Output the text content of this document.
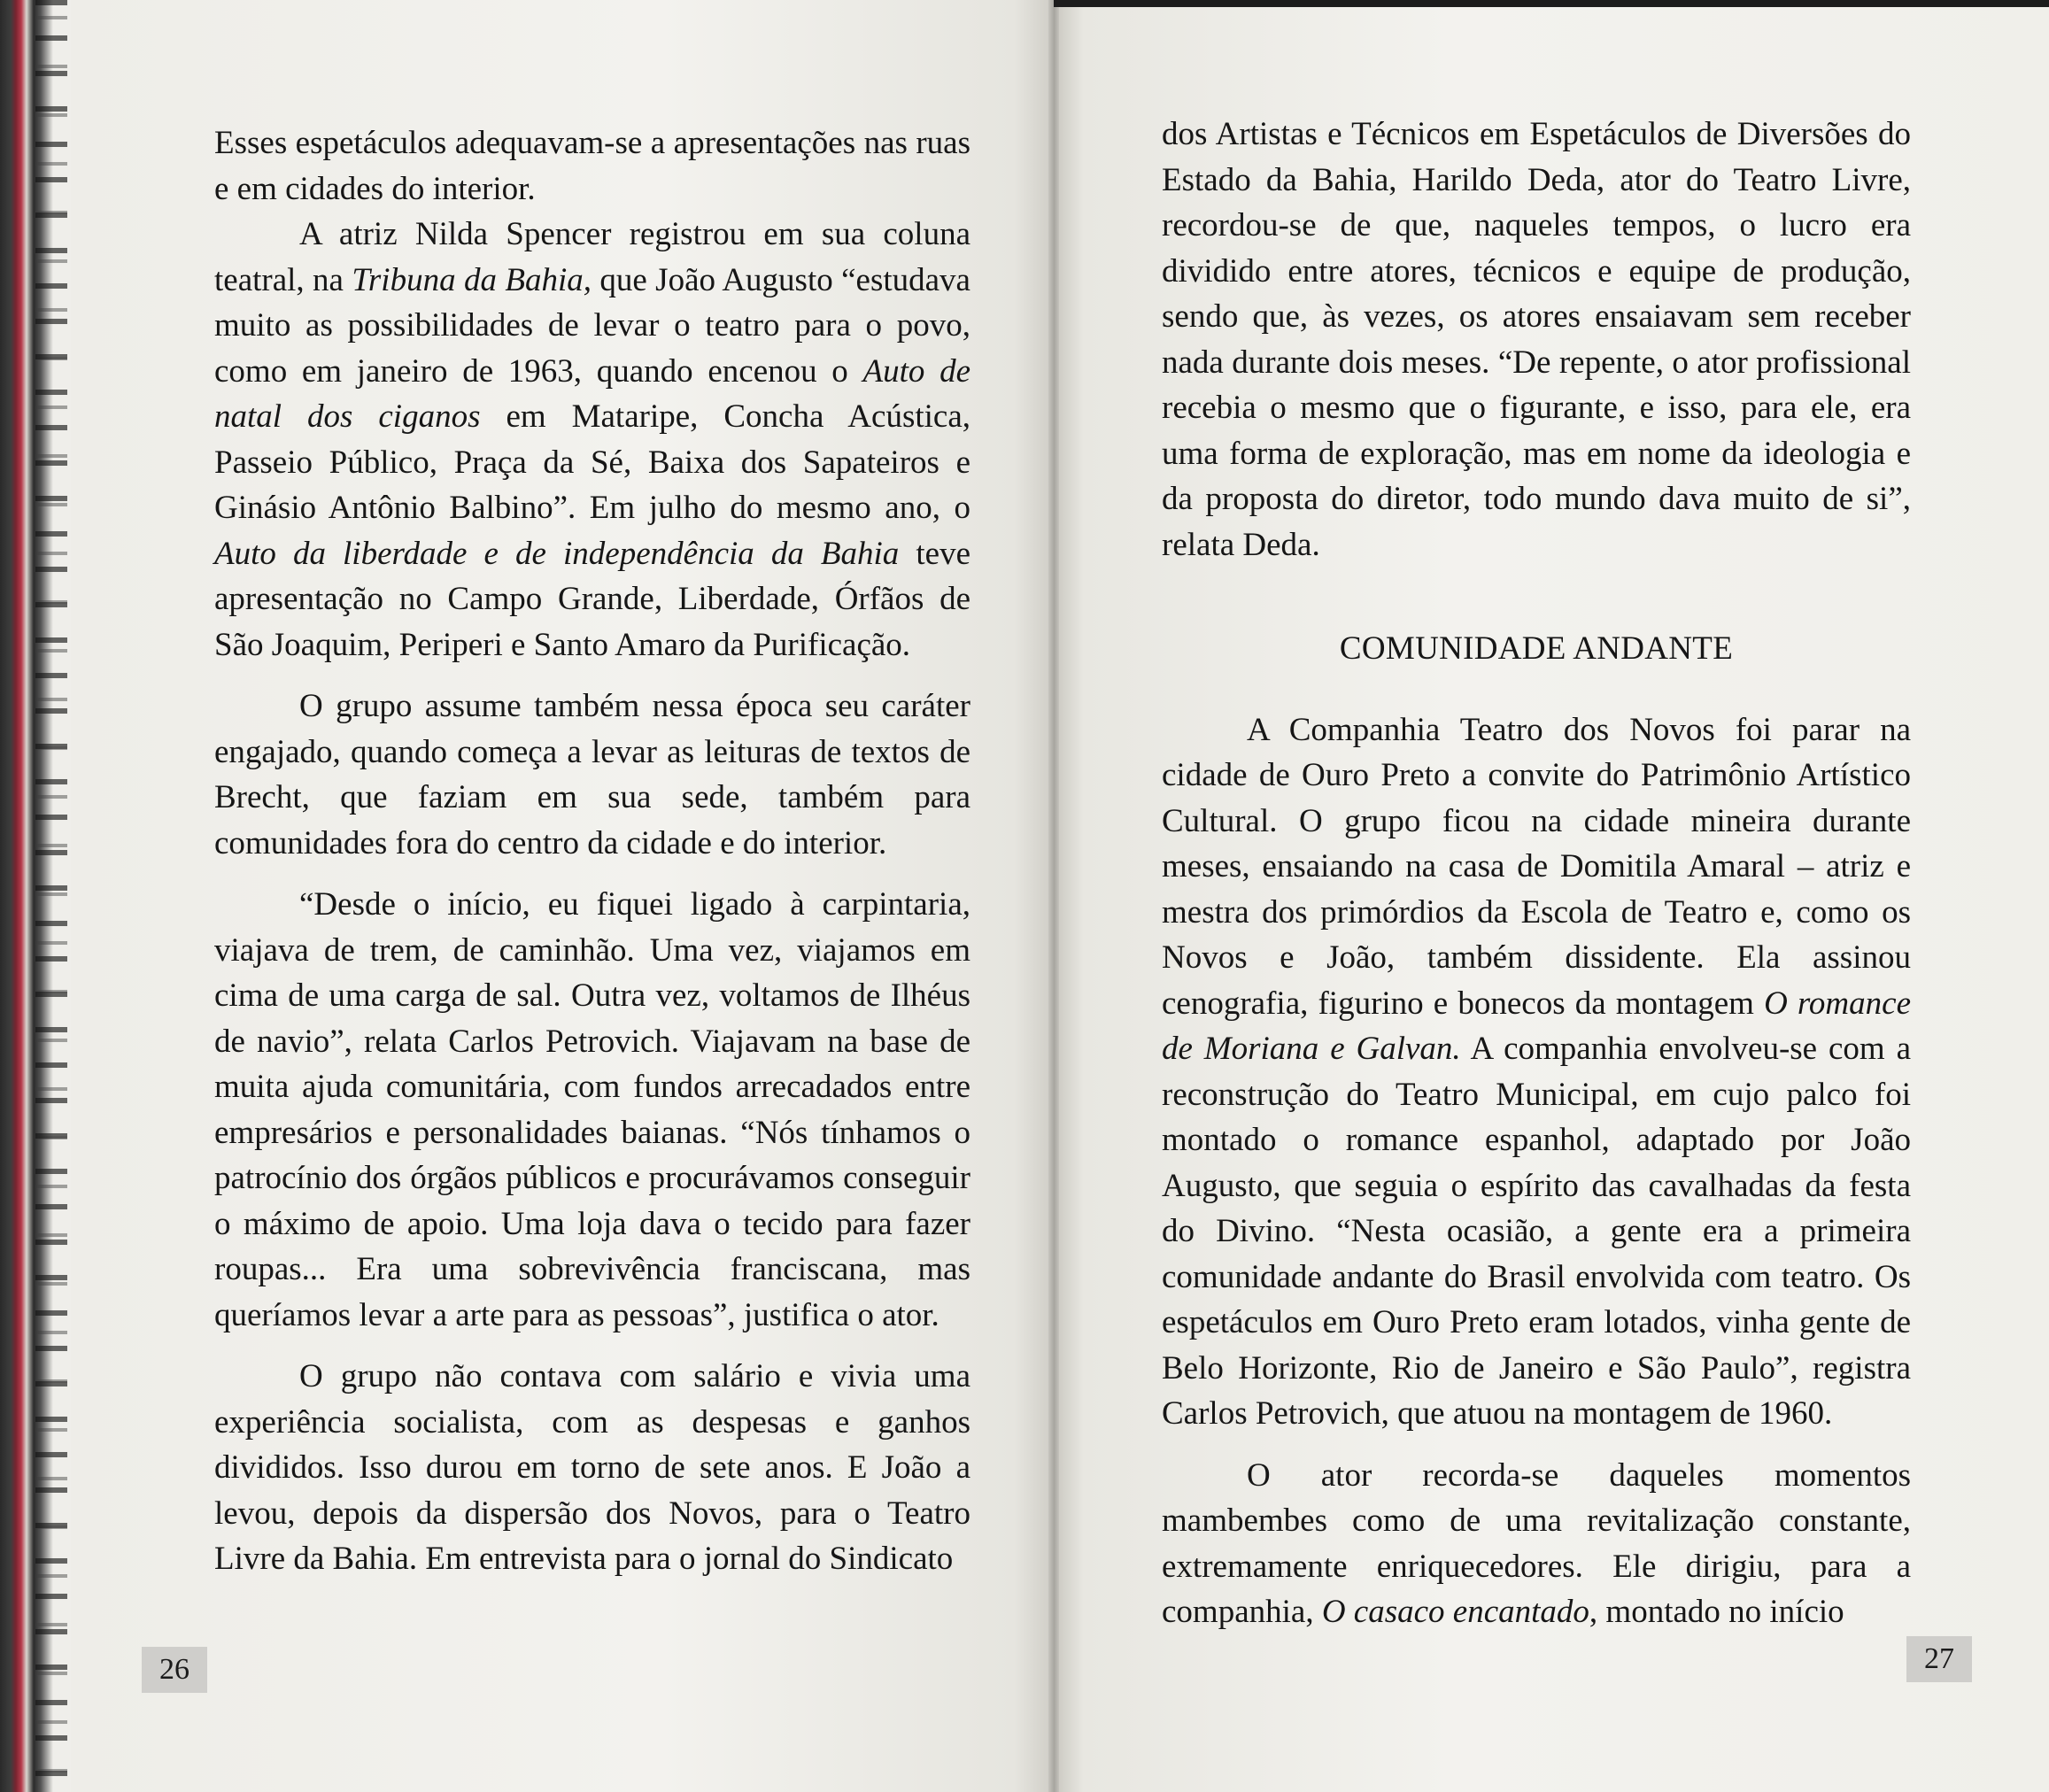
Esses espetáculos adequavam-se a apresentações nas ruas e em cidades do interior.

A atriz Nilda Spencer registrou em sua coluna teatral, na Tribuna da Bahia, que João Augusto “estudava muito as possibilidades de levar o teatro para o povo, como em janeiro de 1963, quando encenou o Auto de natal dos ciganos em Mataripe, Concha Acústica, Passeio Público, Praça da Sé, Baixa dos Sapateiros e Ginásio Antônio Balbino”. Em julho do mesmo ano, o Auto da liberdade e de independência da Bahia teve apresentação no Campo Grande, Liberdade, Órfãos de São Joaquim, Periperi e Santo Amaro da Purificação.

O grupo assume também nessa época seu caráter engajado, quando começa a levar as leituras de textos de Brecht, que faziam em sua sede, também para comunidades fora do centro da cidade e do interior.

“Desde o início, eu fiquei ligado à carpintaria, viajava de trem, de caminhão. Uma vez, viajamos em cima de uma carga de sal. Outra vez, voltamos de Ilhéus de navio”, relata Carlos Petrovich. Viajavam na base de muita ajuda comunitária, com fundos arrecadados entre empresários e personalidades baianas. “Nós tínhamos o patrocínio dos órgãos públicos e procurávamos conseguir o máximo de apoio. Uma loja dava o tecido para fazer roupas... Era uma sobrevivência franciscana, mas queríamos levar a arte para as pessoas”, justifica o ator.

O grupo não contava com salário e vivia uma experiência socialista, com as despesas e ganhos divididos. Isso durou em torno de sete anos. E João a levou, depois da dispersão dos Novos, para o Teatro Livre da Bahia. Em entrevista para o jornal do Sindicato

26

dos Artistas e Técnicos em Espetáculos de Diversões do Estado da Bahia, Harildo Deda, ator do Teatro Livre, recordou-se de que, naqueles tempos, o lucro era dividido entre atores, técnicos e equipe de produção, sendo que, às vezes, os atores ensaiavam sem receber nada durante dois meses. “De repente, o ator profissional recebia o mesmo que o figurante, e isso, para ele, era uma forma de exploração, mas em nome da ideologia e da proposta do diretor, todo mundo dava muito de si”, relata Deda.

COMUNIDADE ANDANTE

A Companhia Teatro dos Novos foi parar na cidade de Ouro Preto a convite do Patrimônio Artístico Cultural. O grupo ficou na cidade mineira durante meses, ensaiando na casa de Domitila Amaral – atriz e mestra dos primórdios da Escola de Teatro e, como os Novos e João, também dissidente. Ela assinou cenografia, figurino e bonecos da montagem O romance de Moriana e Galvan. A companhia envolveu-se com a reconstrução do Teatro Municipal, em cujo palco foi montado o romance espanhol, adaptado por João Augusto, que seguia o espírito das cavalhadas da festa do Divino. “Nesta ocasião, a gente era a primeira comunidade andante do Brasil envolvida com teatro. Os espetáculos em Ouro Preto eram lotados, vinha gente de Belo Horizonte, Rio de Janeiro e São Paulo”, registra Carlos Petrovich, que atuou na montagem de 1960.

O ator recorda-se daqueles momentos mambembes como de uma revitalização constante, extremamente enriquecedores. Ele dirigiu, para a companhia, O casaco encantado, montado no início

27
